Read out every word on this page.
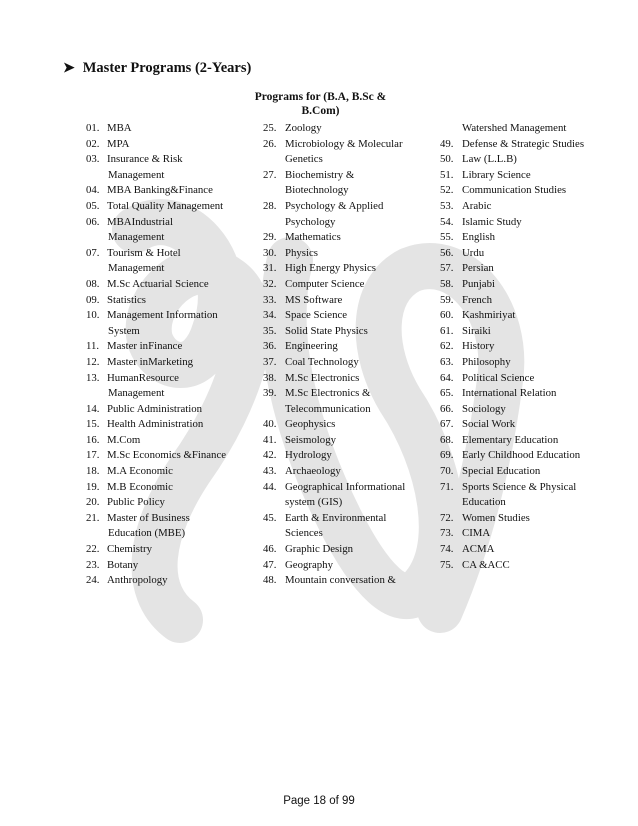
➤ Master Programs (2-Years)
Programs for (B.A, B.Sc & B.Com)
01. MBA
02. MPA
03. Insurance & Risk
Management
04. MBA Banking&Finance
05. Total Quality Management
06. MBAIndustrial
Management
07. Tourism & Hotel
Management
08. M.Sc Actuarial Science
09. Statistics
10. Management Information
System
11. Master inFinance
12. Master inMarketing
13. HumanResource
Management
14. Public Administration
15. Health Administration
16. M.Com
17. M.Sc Economics &Finance
18. M.A Economic
19. M.B Economic
20. Public Policy
21. Master of Business
Education (MBE)
22. Chemistry
23. Botany
24. Anthropology
25. Zoology
26. Microbiology & Molecular
Genetics
27. Biochemistry &
Biotechnology
28. Psychology & Applied
Psychology
29. Mathematics
30. Physics
31. High Energy Physics
32. Computer Science
33. MS Software
34. Space Science
35. Solid State Physics
36. Engineering
37. Coal Technology
38. M.Sc Electronics
39. M.Sc Electronics &
Telecommunication
40. Geophysics
41. Seismology
42. Hydrology
43. Archaeology
44. Geographical Informational
system (GIS)
45. Earth & Environmental
Sciences
46. Graphic Design
47. Geography
48. Mountain conversation &
Watershed Management
49. Defense & Strategic Studies
50. Law (L.L.B)
51. Library Science
52. Communication Studies
53. Arabic
54. Islamic Study
55. English
56. Urdu
57. Persian
58. Punjabi
59. French
60. Kashmiriyat
61. Siraiki
62. History
63. Philosophy
64. Political Science
65. International Relation
66. Sociology
67. Social Work
68. Elementary Education
69. Early Childhood Education
70. Special Education
71. Sports Science & Physical
Education
72. Women Studies
73. CIMA
74. ACMA
75. CA &ACC
Page 18 of 99
